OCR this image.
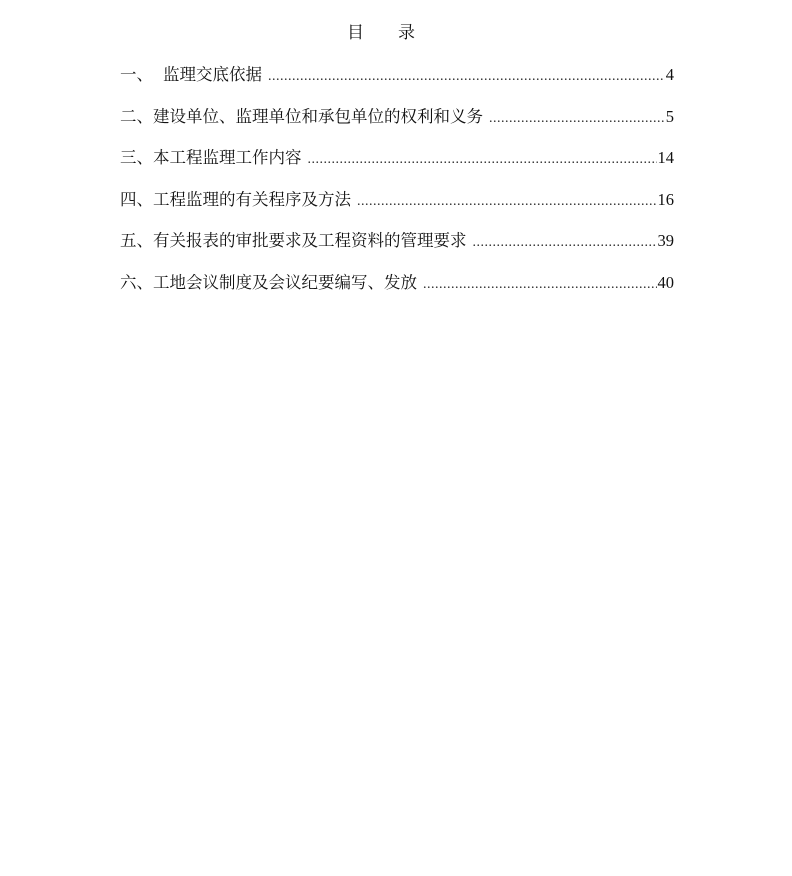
目 录
一、 监理交底依据 .....	4
二、 建设单位、监理单位和承包单位的权利和义务 .....	5
三、 本工程监理工作内容 .....	14
四、 工程监理的有关程序及方法 .....	16
五、 有关报表的审批要求及工程资料的管理要求 .....	39
六、 工地会议制度及会议纪要编写、发放 .....	40
